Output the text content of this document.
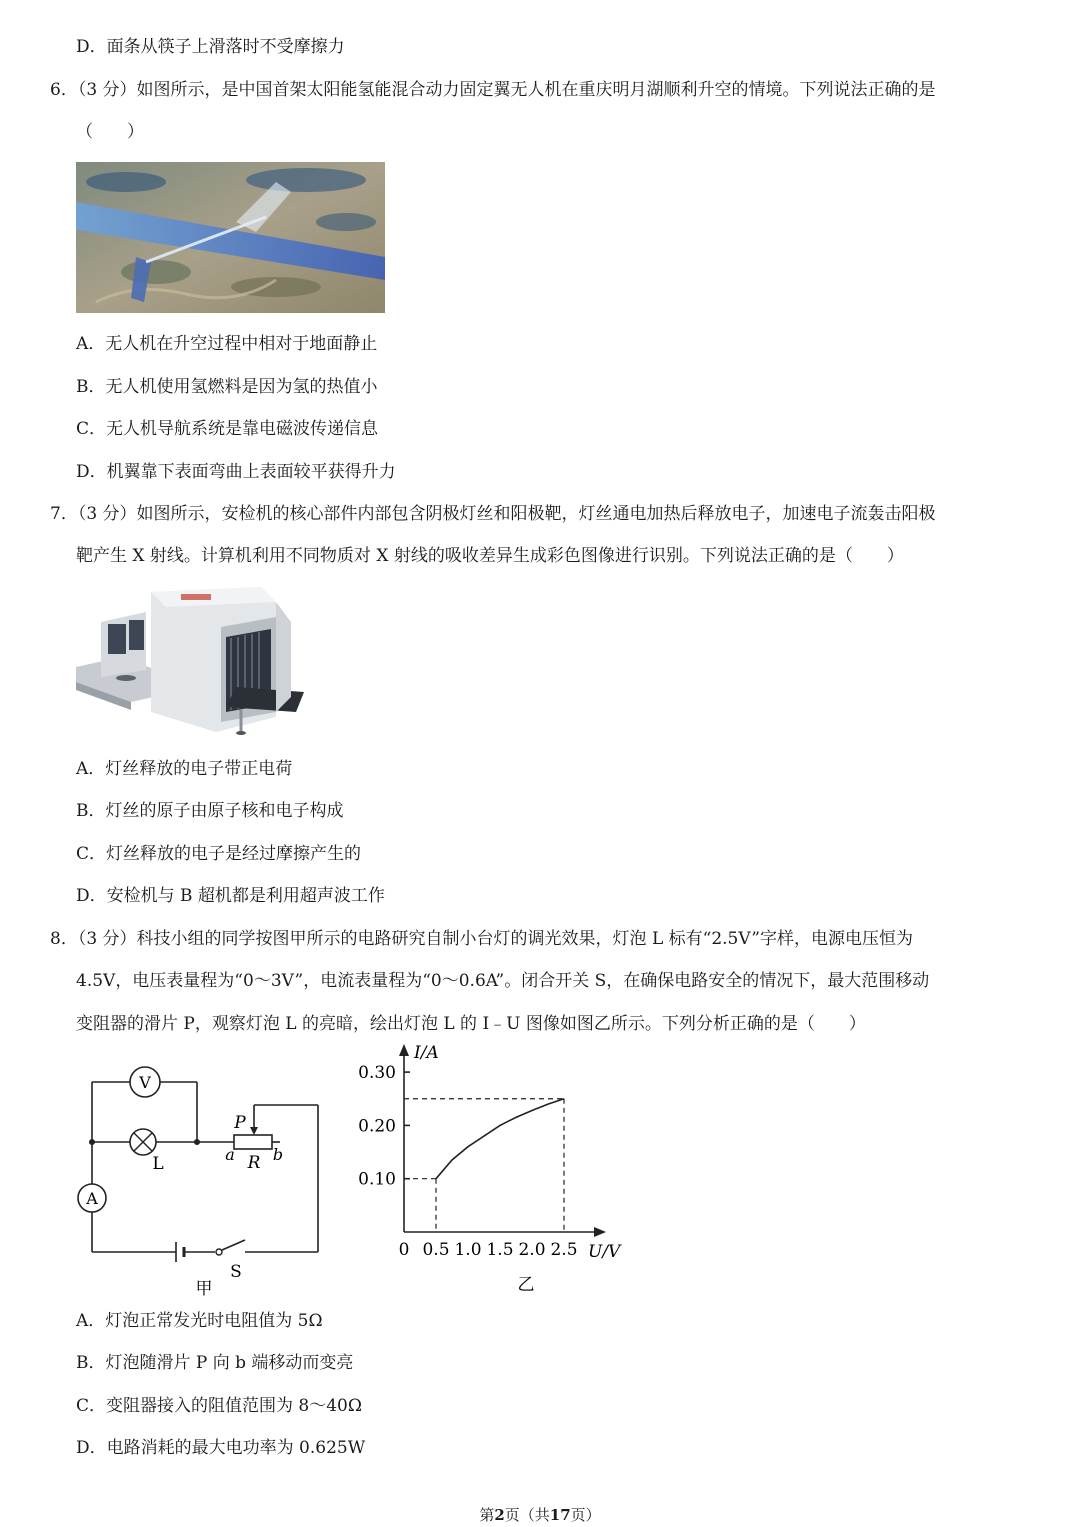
D．面条从筷子上滑落时不受摩擦力
6．（3 分）如图所示，是中国首架太阳能氢能混合动力固定翼无人机在重庆明月湖顺利升空的情境。下列说法正确的是
（　　）
A．无人机在升空过程中相对于地面静止
B．无人机使用氢燃料是因为氢的热值小
C．无人机导航系统是靠电磁波传递信息
D．机翼靠下表面弯曲上表面较平获得升力
7．（3 分）如图所示，安检机的核心部件内部包含阴极灯丝和阳极靶，灯丝通电加热后释放电子，加速电子流轰击阳极
靶产生 X 射线。计算机利用不同物质对 X 射线的吸收差异生成彩色图像进行识别。下列说法正确的是（　　）
A．灯丝释放的电子带正电荷
B．灯丝的原子由原子核和电子构成
C．灯丝释放的电子是经过摩擦产生的
D．安检机与 B 超机都是利用超声波工作
8．（3 分）科技小组的同学按图甲所示的电路研究自制小台灯的调光效果，灯泡 L 标有“2.5V”字样，电源电压恒为
4.5V，电压表量程为“0～3V”，电流表量程为“0～0.6A”。闭合开关 S，在确保电路安全的情况下，最大范围移动
变阻器的滑片 P，观察灯泡 L 的亮暗，绘出灯泡 L 的 I﹣U 图像如图乙所示。下列分析正确的是（　　）
V
L
P
R
a b
A
S
甲
I/A
U/V
0
0.30
0.20
0.10
0.5 1.0 1.5 2.0 2.5
乙
A．灯泡正常发光时电阻值为 5Ω
B．灯泡随滑片 P 向 b 端移动而变亮
C．变阻器接入的阻值范围为 8～40Ω
D．电路消耗的最大电功率为 0.625W
第2页（共17页）
